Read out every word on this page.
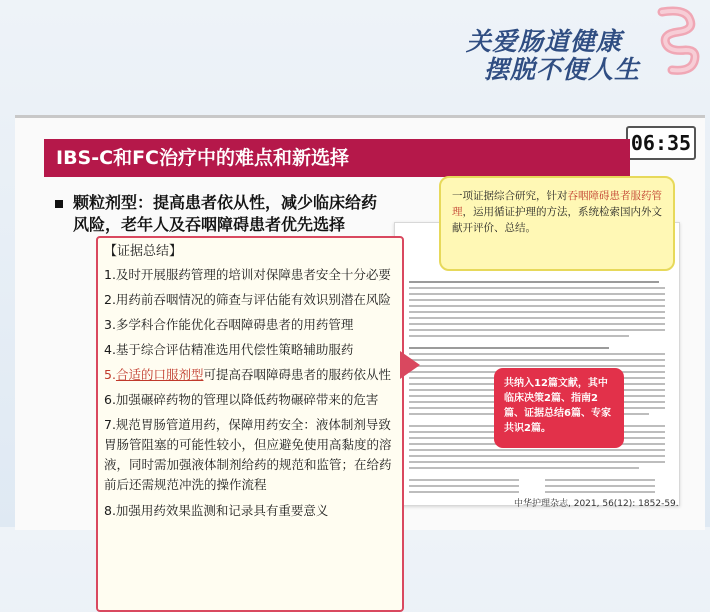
关爱肠道健康
摆脱不便人生
06:35
IBS-C和FC治疗中的难点和新选择
颗粒剂型：提高患者依从性，减少临床给药
风险，老年人及吞咽障碍患者优先选择
中华护理杂志, 2021, 56(12): 1852-59.
一项证据综合研究，针对吞咽障碍患者服药管理，运用循证护理的方法，系统检索国内外文献开评价、总结。
共纳入12篇文献，其中临床决策2篇、指南2篇、证据总结6篇、专家共识2篇。
【证据总结】
1.及时开展服药管理的培训对保障患者安全十分必要
2.用药前吞咽情况的筛查与评估能有效识别潜在风险
3.多学科合作能优化吞咽障碍患者的用药管理
4.基于综合评估精准选用代偿性策略辅助服药
5.合适的口服剂型可提高吞咽障碍患者的服药依从性
6.加强碾碎药物的管理以降低药物碾碎带来的危害
7.规范胃肠管道用药，保障用药安全：液体制剂导致胃肠管阻塞的可能性较小，但应避免使用高黏度的溶液，同时需加强液体制剂给药的规范和监管；在给药前后还需规范冲洗的操作流程
8.加强用药效果监测和记录具有重要意义
